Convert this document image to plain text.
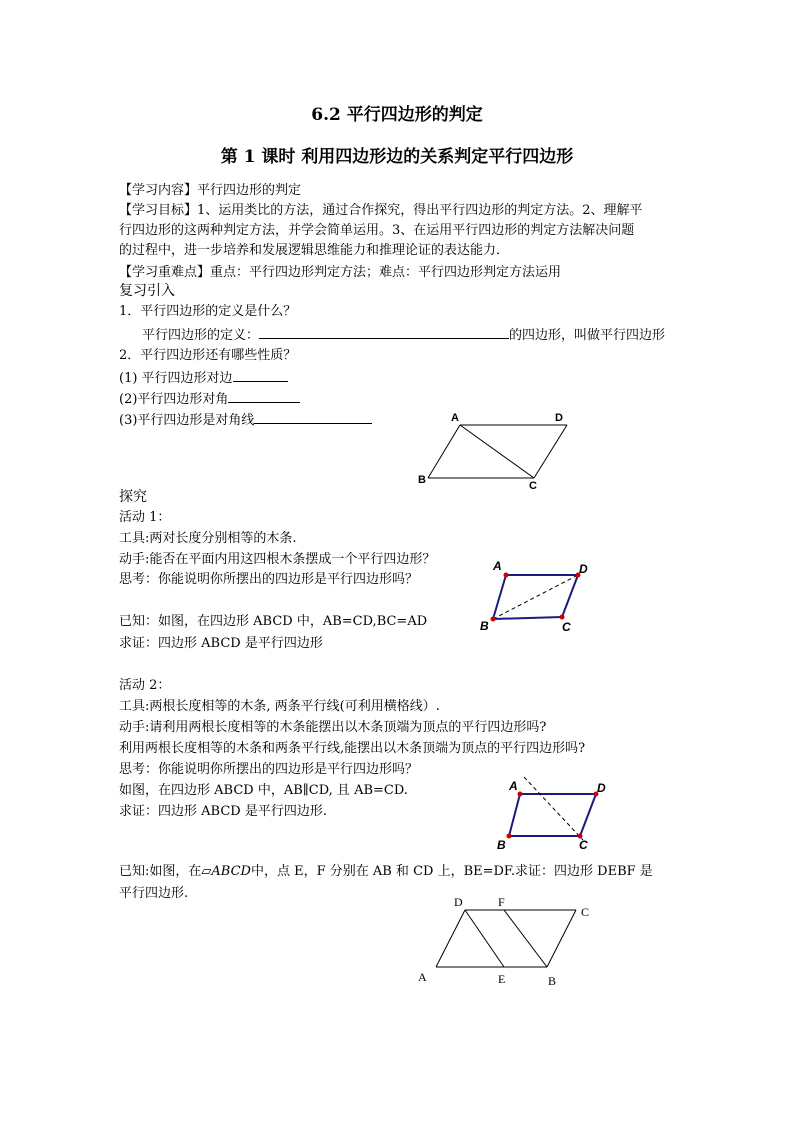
6.2 平行四边形的判定
第 1 课时 利用四边形边的关系判定平行四边形
【学习内容】平行四边形的判定
【学习目标】1、运用类比的方法，通过合作探究，得出平行四边形的判定方法。2、理解平
行四边形的这两种判定方法，并学会简单运用。3、在运用平行四边形的判定方法解决问题
的过程中，进一步培养和发展逻辑思维能力和推理论证的表达能力．
【学习重难点】重点：平行四边形判定方法；难点：平行四边形判定方法运用
复习引入
1．平行四边形的定义是什么？
平行四边形的定义：	的四边形，叫做平行四边形
2．平行四边形还有哪些性质？
(1) 平行四边形对边
(2)平行四边形对角
(3)平行四边形是对角线	A	D
B	C
探究
活动 1：
工具:两对长度分别相等的木条.
动手:能否在平面内用这四根木条摆成一个平行四边形？
思考：你能说明你所摆出的四边形是平行四边形吗？
已知：如图，在四边形 ABCD 中，AB=CD,BC=AD
求证：四边形 ABCD 是平行四边形
A	D
B	C
活动 2：
工具:两根长度相等的木条, 两条平行线(可利用横格线）.
动手:请利用两根长度相等的木条能摆出以木条顶端为顶点的平行四边形吗?
利用两根长度相等的木条和两条平行线,能摆出以木条顶端为顶点的平行四边形吗?
思考：你能说明你所摆出的四边形是平行四边形吗？
如图，在四边形 ABCD 中，AB∥CD, 且 AB=CD.
求证：四边形 ABCD 是平行四边形.
A	D
B	C
已知:如图，在▱ABCD中，点 E，F 分别在 AB 和 CD 上，BE=DF.求证：四边形 DEBF 是
平行四边形.
D	F
C
A	E	B
